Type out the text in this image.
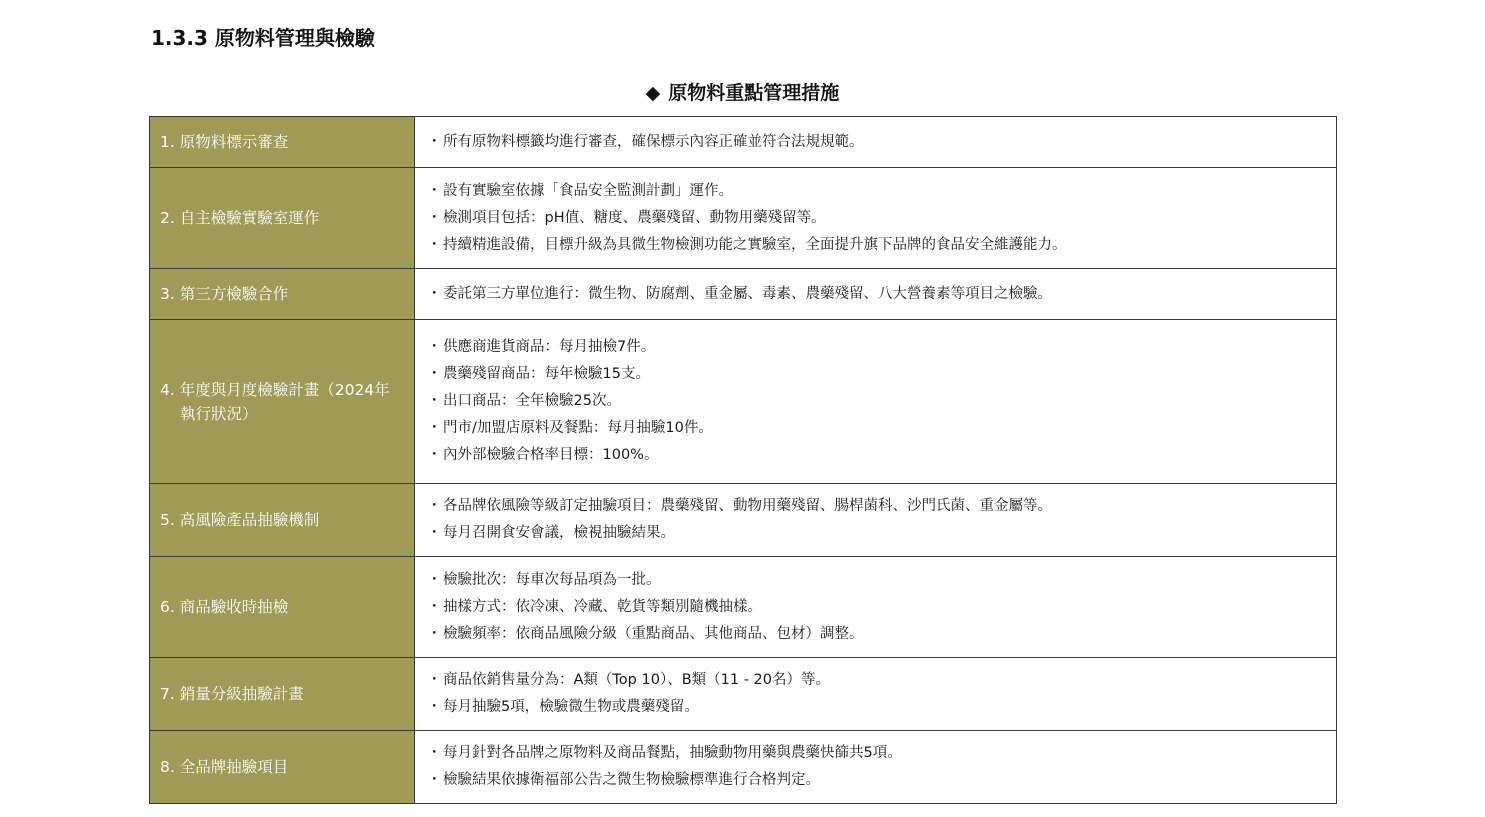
1.3.3 原物料管理與檢驗
◆ 原物料重點管理措施
1. 原物料標示審查	・ 所有原物料標籤均進行審查，確保標示內容正確並符合法規規範。

2. 自主檢驗實驗室運作	・ 設有實驗室依據「食品安全監測計劃」運作。
・ 檢測項目包括：pH值、糖度、農藥殘留、動物用藥殘留等。
・ 持續精進設備，目標升級為具微生物檢測功能之實驗室，全面提升旗下品牌的食品安全維護能力。

3. 第三方檢驗合作	・ 委託第三方單位進行：微生物、防腐劑、重金屬、毒素、農藥殘留、八大營養素等項目之檢驗。

4. 年度與月度檢驗計畫（2024年執行狀況）	・ 供應商進貨商品：每月抽檢7件。
・ 農藥殘留商品：每年檢驗15支。
・ 出口商品：全年檢驗25次。
・ 門市/加盟店原料及餐點：每月抽驗10件。
・ 內外部檢驗合格率目標：100%。

5. 高風險產品抽驗機制	・ 各品牌依風險等級訂定抽驗項目：農藥殘留、動物用藥殘留、腸桿菌科、沙門氏菌、重金屬等。
・ 每月召開食安會議，檢視抽驗結果。

6. 商品驗收時抽檢	・ 檢驗批次：每車次每品項為一批。
・ 抽樣方式：依冷凍、冷藏、乾貨等類別隨機抽樣。
・ 檢驗頻率：依商品風險分級（重點商品、其他商品、包材）調整。

7. 銷量分級抽驗計畫	・ 商品依銷售量分為：A類（Top 10）、B類（11 - 20名）等。
・ 每月抽驗5項，檢驗微生物或農藥殘留。

8. 全品牌抽驗項目	・ 每月針對各品牌之原物料及商品餐點，抽驗動物用藥與農藥快篩共5項。
・ 檢驗結果依據衛福部公告之微生物檢驗標準進行合格判定。
